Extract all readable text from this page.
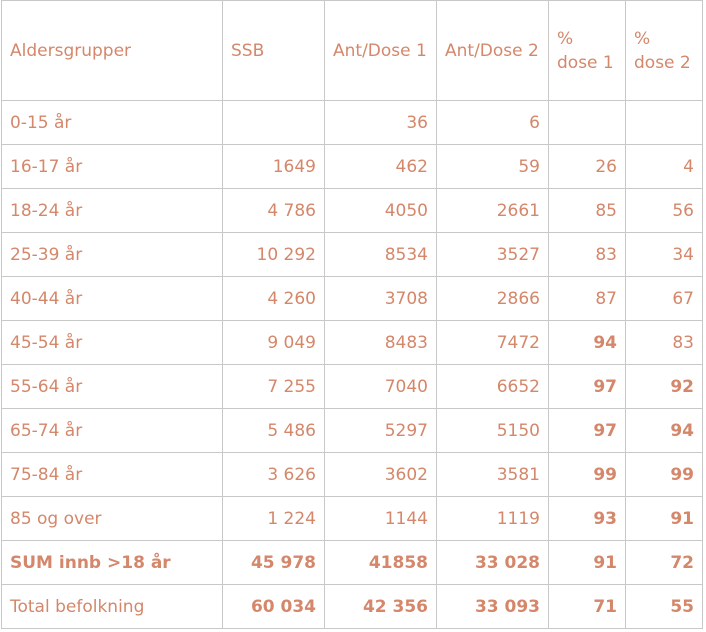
Aldersgrupper	SSB	Ant/Dose 1	Ant/Dose 2	% dose 1	% dose 2
0-15 år		36	6		
16-17 år	1649	462	59	26	4
18-24 år	4 786	4050	2661	85	56
25-39 år	10 292	8534	3527	83	34
40-44 år	4 260	3708	2866	87	67
45-54 år	9 049	8483	7472	94	83
55-64 år	7 255	7040	6652	97	92
65-74 år	5 486	5297	5150	97	94
75-84 år	3 626	3602	3581	99	99
85 og over	1 224	1144	1119	93	91
SUM innb >18 år	45 978	41858	33 028	91	72
Total befolkning	60 034	42 356	33 093	71	55
